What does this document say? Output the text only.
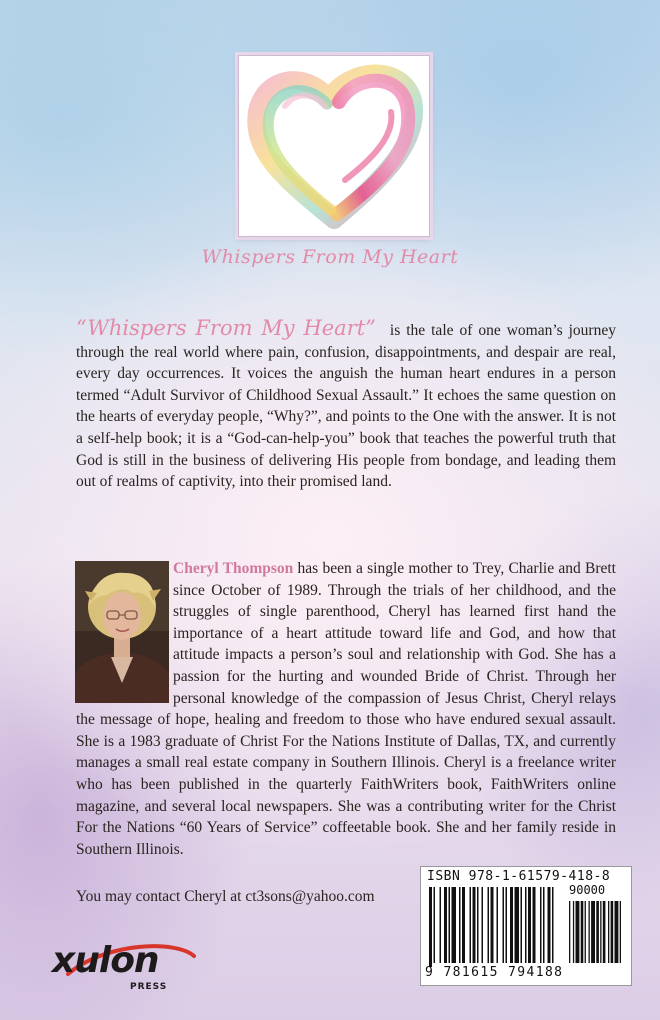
Whispers From My Heart

“Whispers From My Heart” is the tale of one woman’s journey through the real world where pain, confusion, disappointments, and despair are real, every day occurrences. It voices the anguish the human heart endures in a person termed “Adult Survivor of Childhood Sexual Assault.” It echoes the same question on the hearts of everyday people, “Why?”, and points to the One with the answer. It is not a self-help book; it is a “God-can-help-you” book that teaches the powerful truth that God is still in the business of delivering His people from bondage, and leading them out of realms of captivity, into their promised land.

Cheryl Thompson has been a single mother to Trey, Charlie and Brett since October of 1989. Through the trials of her childhood, and the struggles of single parenthood, Cheryl has learned first hand the importance of a heart attitude toward life and God, and how that attitude impacts a person’s soul and relationship with God. She has a passion for the hurting and wounded Bride of Christ. Through her personal knowledge of the compassion of Jesus Christ, Cheryl relays the message of hope, healing and freedom to those who have endured sexual assault. She is a 1983 graduate of Christ For the Nations Institute of Dallas, TX, and currently manages a small real estate company in Southern Illinois. Cheryl is a freelance writer who has been published in the quarterly FaithWriters book, FaithWriters online magazine, and several local newspapers. She was a contributing writer for the Christ For the Nations “60 Years of Service” coffeetable book. She and her family reside in Southern Illinois.

You may contact Cheryl at ct3sons@yahoo.com

ISBN 978-1-61579-418-8
90000
9 781615 794188
xulon
PRESS
